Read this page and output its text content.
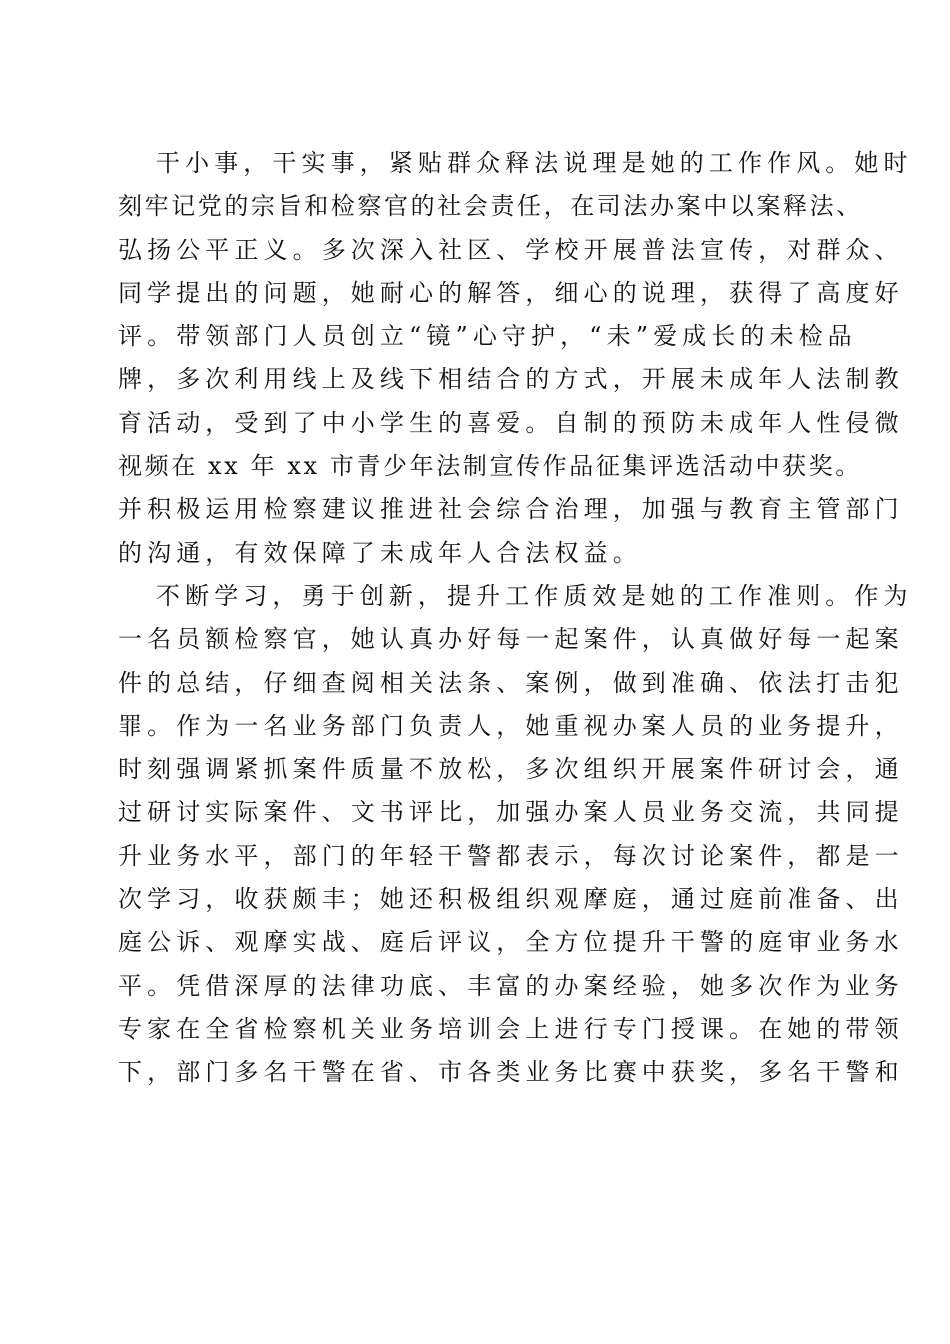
干小事，干实事，紧贴群众释法说理是她的工作作风。她时
刻牢记党的宗旨和检察官的社会责任，在司法办案中以案释法、
弘扬公平正义。多次深入社区、学校开展普法宣传，对群众、
同学提出的问题，她耐心的解答，细心的说理，获得了高度好
评。带领部门人员创立“镜”心守护，“未”爱成长的未检品
牌，多次利用线上及线下相结合的方式，开展未成年人法制教
育活动，受到了中小学生的喜爱。自制的预防未成年人性侵微
视频在 xx 年 xx 市青少年法制宣传作品征集评选活动中获奖。
并积极运用检察建议推进社会综合治理，加强与教育主管部门
的沟通，有效保障了未成年人合法权益。
不断学习，勇于创新，提升工作质效是她的工作准则。作为
一名员额检察官，她认真办好每一起案件，认真做好每一起案
件的总结，仔细查阅相关法条、案例，做到准确、依法打击犯
罪。作为一名业务部门负责人，她重视办案人员的业务提升，
时刻强调紧抓案件质量不放松，多次组织开展案件研讨会，通
过研讨实际案件、文书评比，加强办案人员业务交流，共同提
升业务水平，部门的年轻干警都表示，每次讨论案件，都是一
次学习，收获颇丰；她还积极组织观摩庭，通过庭前准备、出
庭公诉、观摩实战、庭后评议，全方位提升干警的庭审业务水
平。凭借深厚的法律功底、丰富的办案经验，她多次作为业务
专家在全省检察机关业务培训会上进行专门授课。在她的带领
下，部门多名干警在省、市各类业务比赛中获奖，多名干警和
